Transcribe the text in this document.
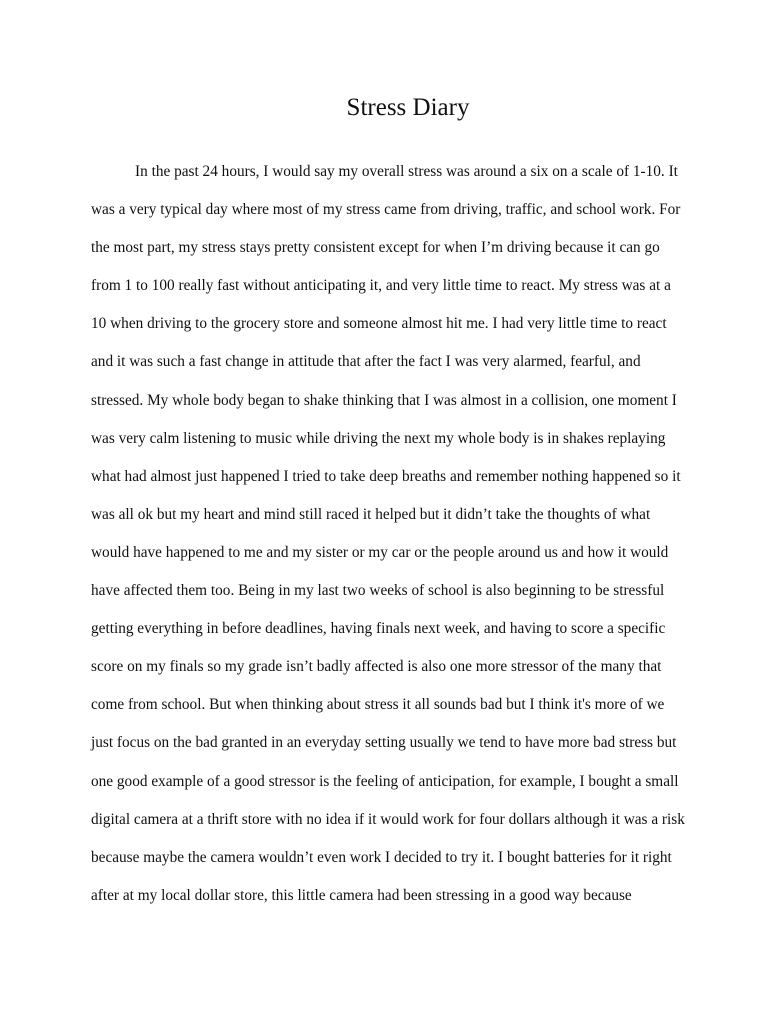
Stress Diary

In the past 24 hours, I would say my overall stress was around a six on a scale of 1-10. It

was a very typical day where most of my stress came from driving, traffic, and school work. For

the most part, my stress stays pretty consistent except for when I’m driving because it can go

from 1 to 100 really fast without anticipating it, and very little time to react. My stress was at a

10 when driving to the grocery store and someone almost hit me. I had very little time to react

and it was such a fast change in attitude that after the fact I was very alarmed, fearful, and

stressed. My whole body began to shake thinking that I was almost in a collision, one moment I

was very calm listening to music while driving the next my whole body is in shakes replaying

what had almost just happened I tried to take deep breaths and remember nothing happened so it

was all ok but my heart and mind still raced it helped but it didn’t take the thoughts of what

would have happened to me and my sister or my car or the people around us and how it would

have affected them too. Being in my last two weeks of school is also beginning to be stressful

getting everything in before deadlines, having finals next week, and having to score a specific

score on my finals so my grade isn’t badly affected is also one more stressor of the many that

come from school. But when thinking about stress it all sounds bad but I think it's more of we

just focus on the bad granted in an everyday setting usually we tend to have more bad stress but

one good example of a good stressor is the feeling of anticipation, for example, I bought a small

digital camera at a thrift store with no idea if it would work for four dollars although it was a risk

because maybe the camera wouldn’t even work I decided to try it. I bought batteries for it right

after at my local dollar store, this little camera had been stressing in a good way because
